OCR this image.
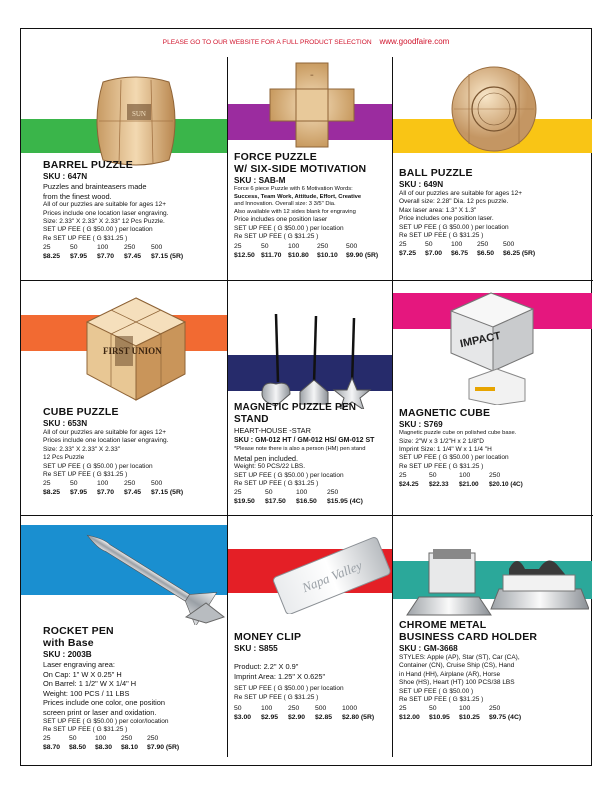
PLEASE GO TO OUR WEBSITE FOR A FULL PRODUCT SELECTION www.goodfaire.com
SUN
≡
BARREL PUZZLE
SKU : 647N
Puzzles and brainteasers made
from the finest wood.
All of our puzzles are suitable for ages 12+
Prices include one location laser engraving.
Size: 2.33" X 2.33" X 2.33" 12 Pcs Puzzle.
SET UP FEE ( G $50.00 ) per location
Re SET UP FEE ( G $31.25 )
25	50	100	250	500
$8.25	$7.95	$7.70	$7.45	$7.15 (5R)
FORCE PUZZLE
W/ SIX-SIDE MOTIVATION
SKU : SAB-M
Force 6 piece Puzzle with 6 Motivation Words:
Success, Team Work, Attitude, Effort, Creative
and Innovation. Overall size: 3 3/5" Dia.
Also available with 12 sides blank for engraving
Price includes one position laser
SET UP FEE ( G $50.00 ) per location
Re SET UP FEE ( G $31.25 )
25	50	100	250	500
$12.50 $11.70 $10.80	$10.10	$9.90 (5R)
BALL PUZZLE
SKU : 649N
All of our puzzles are suitable for ages 12+
Overall size: 2.28" Dia. 12 pcs puzzle.
Max laser area: 1.3" X 1.3"
Price includes one position laser.
SET UP FEE ( G $50.00 ) per location
Re SET UP FEE ( G $31.25 )
25	50	100	250	500
$7.25	$7.00	$6.75	$6.50	$6.25 (5R)
FIRST UNION
IMPACT
CUBE PUZZLE
SKU : 653N
All of our puzzles are suitable for ages 12+
Prices include one location laser engraving.
Size: 2.33" X 2.33" X 2.33"
12 Pcs Puzzle
SET UP FEE ( G $50.00 ) per location
Re SET UP FEE ( G $31.25 )
25	50	100	250	500
$8.25	$7.95	$7.70	$7.45	$7.15 (5R)
MAGNETIC PUZZLE PEN STAND
HEART-HOUSE -STAR
SKU : GM-012 HT / GM-012 HS/ GM-012 ST
*Please note there is also a person (HM) pen stand
Metal pen included.
Weight: 50 PCS/22 LBS.
SET UP FEE ( G $50.00 ) per location
Re SET UP FEE ( G $31.25 )
25	50	100	250
$19.50	$17.50	$16.50	$15.95 (4C)
MAGNETIC CUBE
SKU : S769
Magnetic puzzle cube on polished cube base.
Size: 2"W x 3 1/2"H x 2 1/8"D
Imprint Size: 1 1/4" W x 1 1/4 "H
SET UP FEE ( G $50.00 ) per location
Re SET UP FEE ( G $31.25 )
25	50	100	250
$24.25	$22.33	$21.00	$20.10 (4C)
Napa Valley
ROCKET PEN
with Base
SKU : 2003B
Laser engraving area:
On Cap: 1" W X 0.25" H
On Barrel: 1 1/2" W X 1/4" H
Weight: 100 PCS / 11 LBS
Prices include one color, one position
screen print or laser and oxidation.
SET UP FEE ( G $50.00 ) per color/location
Re SET UP FEE ( G $31.25 )
25	50	100	250	250
$8.70	$8.50	$8.30	$8.10	$7.90 (5R)
MONEY CLIP
SKU : S855
Product: 2.2" X 0.9"
Imprint Area: 1.25" X 0.625"
SET UP FEE ( G $50.00 ) per location
Re SET UP FEE ( G $31.25 )
50	100	250	500	1000
$3.00	$2.95	$2.90	$2.85	$2.80 (5R)
CHROME METAL
BUSINESS CARD HOLDER
SKU : GM-3668
STYLES: Apple (AP), Star (ST), Car (CA),
Container (CN), Cruise Ship (CS), Hand
in Hand (HH), Airplane (AR), Horse
Shoe (HS), Heart (HT) 100 PCS/38 LBS
SET UP FEE ( G $50.00 )
Re SET UP FEE ( G $31.25 )
25	50	100	250
$12.00	$10.95	$10.25	$9.75 (4C)
